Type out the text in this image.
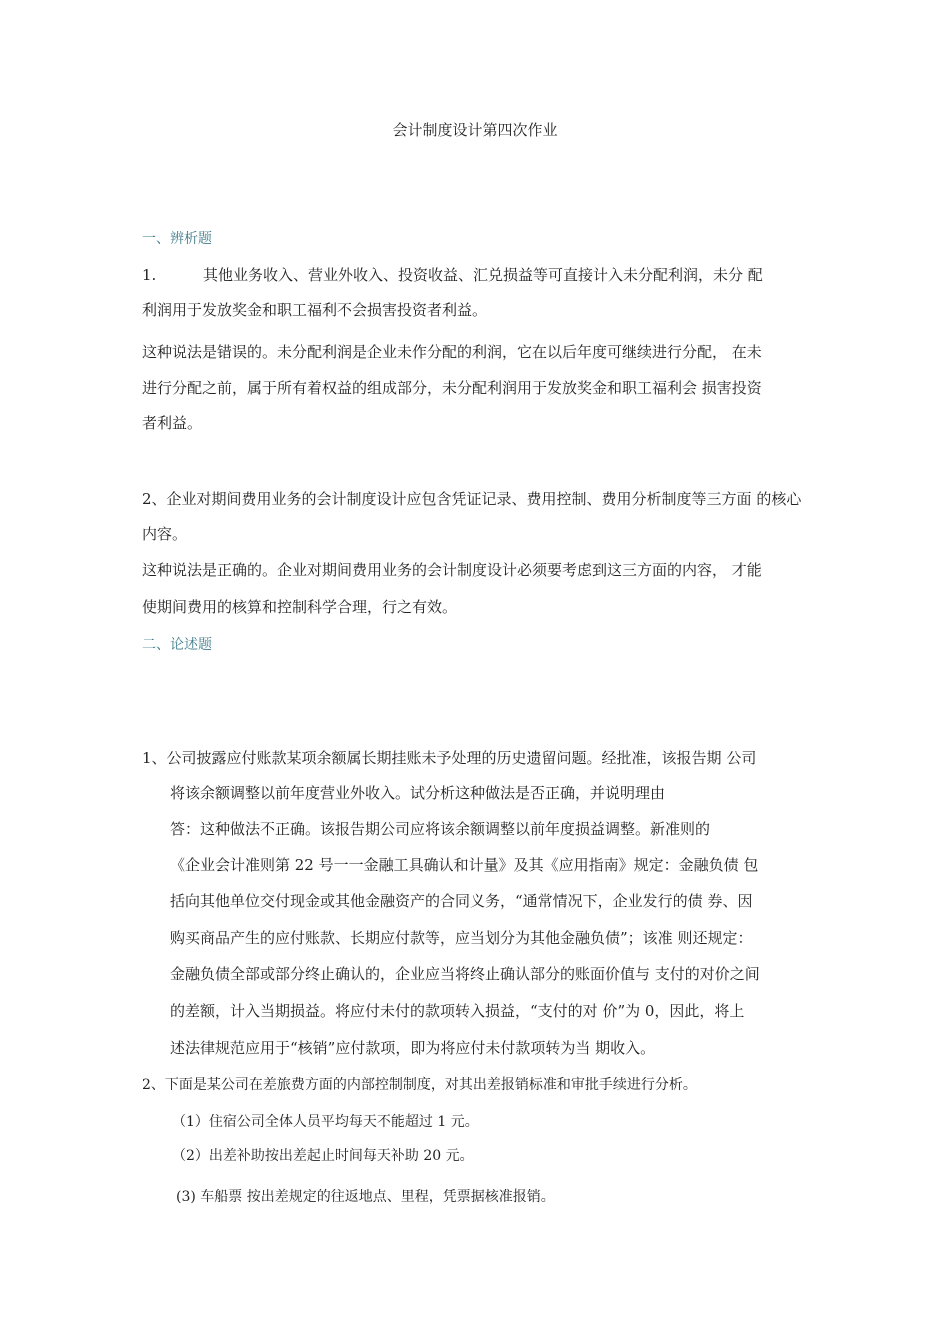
会计制度设计第四次作业
一、辨析题
1.	其他业务收入、营业外收入、投资收益、汇兑损益等可直接计入未分配利润，未分 配
利润用于发放奖金和职工福利不会损害投资者利益。
这种说法是错误的。未分配利润是企业未作分配的利润，它在以后年度可继续进行分配， 在未
进行分配之前，属于所有着权益的组成部分，未分配利润用于发放奖金和职工福利会 损害投资
者利益。
2、企业对期间费用业务的会计制度设计应包含凭证记录、费用控制、费用分析制度等三方面 的核心
内容。
这种说法是正确的。企业对期间费用业务的会计制度设计必须要考虑到这三方面的内容， 才能
使期间费用的核算和控制科学合理，行之有效。
二、论述题
1、公司披露应付账款某项余额属长期挂账未予处理的历史遗留问题。经批准，该报告期 公司
将该余额调整以前年度营业外收入。试分析这种做法是否正确，并说明理由
答：这种做法不正确。该报告期公司应将该余额调整以前年度损益调整。新准则的
《企业会计准则第 22 号一一金融工具确认和计量》及其《应用指南》规定：金融负债 包
括向其他单位交付现金或其他金融资产的合同义务，“通常情况下，企业发行的债 券、因
购买商品产生的应付账款、长期应付款等，应当划分为其他金融负债”；该准 则还规定：
金融负债全部或部分终止确认的，企业应当将终止确认部分的账面价值与 支付的对价之间
的差额，计入当期损益。将应付未付的款项转入损益，“支付的对 价”为 0，因此，将上
述法律规范应用于“核销”应付款项，即为将应付未付款项转为当 期收入。
2、下面是某公司在差旅费方面的内部控制制度，对其出差报销标准和审批手续进行分析。
（1）住宿公司全体人员平均每天不能超过 1 元。
（2）出差补助按出差起止时间每天补助 20 元。
(3) 车船票 按出差规定的往返地点、里程，凭票据核准报销。
